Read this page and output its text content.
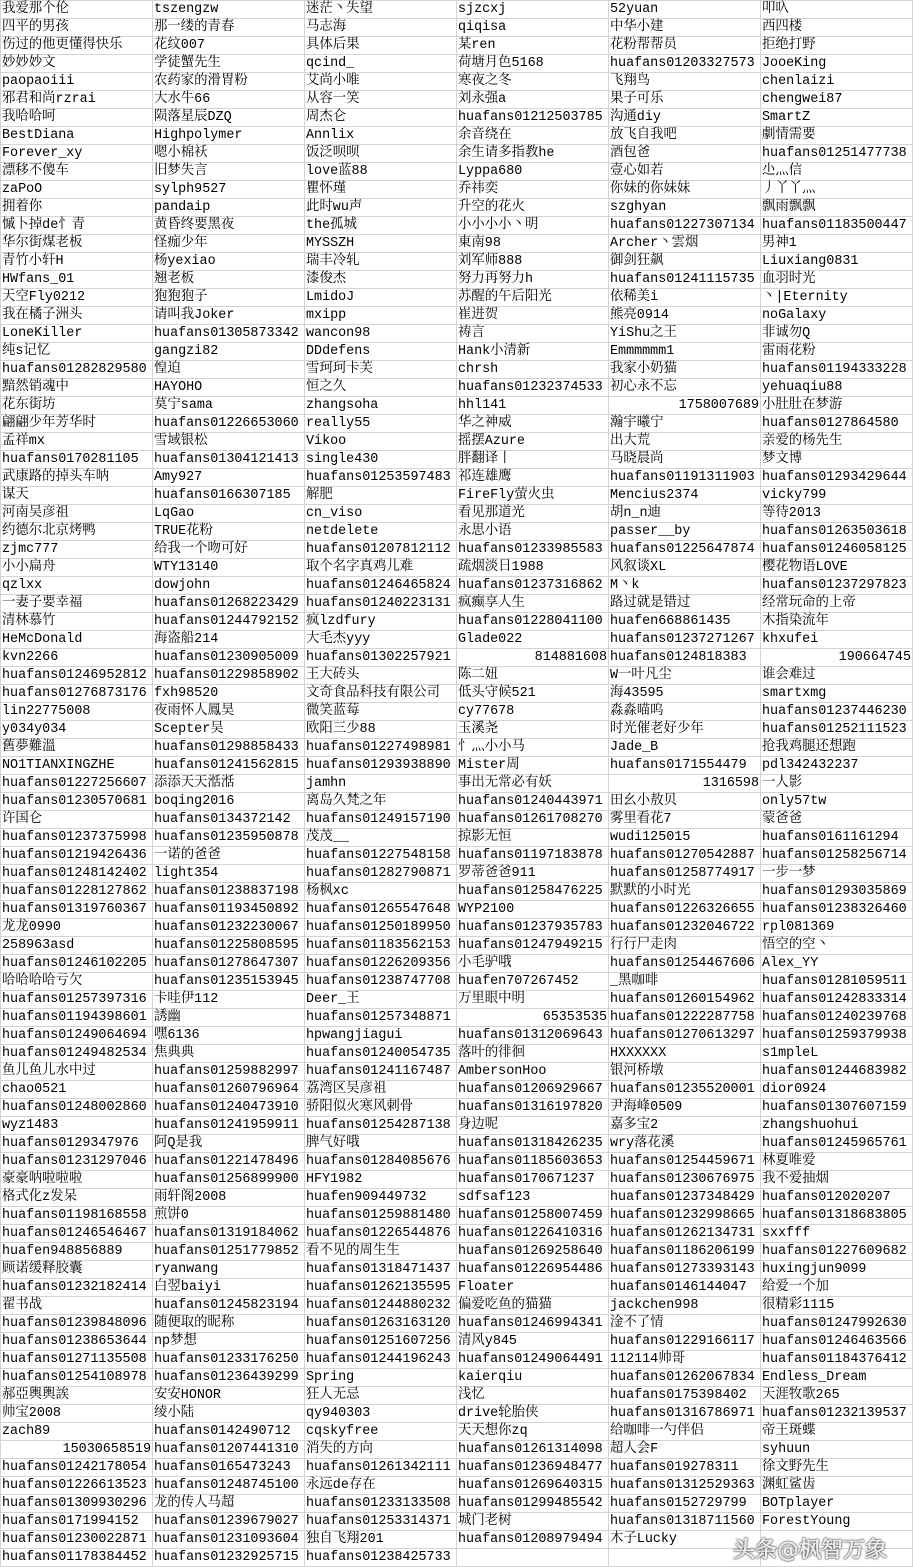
我爱那个伦	tszengzw	迷茫丶失望	sjzcxj	52yuan	叩叺
四平的男孩	那一缕的青春	马志海	qiqisa	中华小建	西四楼
伤过的他更懂得快乐	花纹007	具体后果	某ren	花粉帮帮员	拒绝打野
妙妙妙文	学徒蟹先生	qcind_	荷塘月色5168	huafans01203327573	JooeKing
paopaoiii	农药家的滑胃粉	艾尚小唯	寒夜之冬	飞翔鸟	chenlaizi
邪君和尚rzrai	大水牛66	从容一笑	刘永强a	果子可乐	chengwei87
我哈哈呵	陨落星辰DZQ	周杰仑	huafans01212503785	沟通diy	SmartZ
BestDiana	Highpolymer	Annlix	余音绕在	放飞自我吧	劇情需要
Forever_xy	嗯小棉袄	饭泛呗呗	余生请多指教he	酒包爸	huafans01251477738
漂移不傻车	旧梦失言	love蓝88	Lyppa680	壹心如若	尐灬信
zaPoO	sylph9527	瞿怀瑾	乔祎奕	你妹的你妹妹	丿丫丫灬
拥着你	pandaip	此时wu声	升空的花火	szghyan	飘雨飘飘
慽卜掉de忄青	黄昏终要黑夜	the孤城	小小小小丶明	huafans01227307134	huafans01183500447
华尔街煤老板	怪痂少年	MYSSZH	東南98	Archer丶雲烟	男神1
青竹小轩H	杨yexiao	瑞丰冷轧	刘军师888	御剑狂飙	Liuxiang0831
HWfans_01	翘老板	漆俊杰	努力再努力h	huafans01241115735	血羽时光
天空Fly0212	狍狍狍子	LmidoJ	苏醒的午后阳光	依稀美i	丶|Eternity
我在橘子洲头	请叫我Joker	mxipp	崔进贺	熊亮0914	noGalaxy
LoneKiller	huafans01305873342	wancon98	祷言	YiShu之王	非诚勿Q
纯s记忆	gangzi82	DDdefens	Hank小清新	Emmmmmm1	雷雨花粉
huafans01282829580	惶迫	雪珂珂卡芙	chrsh	我家小奶猫	huafans01194333228
黯然销魂中	HAYOHO	恒之久	huafans01232374533	初心永不忘	yehuaqiu88
花东街坊	莫宁sama	zhangsoha	hhl141	1758007689	小肚肚在梦游
翩翩少年芳华时	huafans01226653060	really55	华之神威	瀚宇曦宁	huafans0127864580
孟祥mx	雪域银松	Vikoo	摇摆Azure	出大荒	亲爱的杨先生
huafans0170281105	huafans01304121413	single430	胖翻译丨	马晓晨尚	梦文博
武康路的掉头车呐	Amy927	huafans01253597483	祁连雄鹰	huafans01191311903	huafans01293429644
谋天	huafans0166307185	解肥	FireFly萤火虫	Mencius2374	vicky799
河南吴彦祖	LqGao	cn_viso	看见那道光	胡n_n迪	等待2013
约德尔北京烤鸭	TRUE花粉	netdelete	永思小语	passer__by	huafans01263503618
zjmc777	给我一个吻可好	huafans01207812112	huafans01233985583	huafans01225647874	huafans01246058125
小小扁舟	WTY13140	取个名字真鸡儿难	疏烟淡日1988	风叙谈XL	樱花物语LOVE
qzlxx	dowjohn	huafans01246465824	huafans01237316862	M丶k	huafans01237297823
一妻子要幸福	huafans01268223429	huafans01240223131	疯癫享人生	路过就是错过	经常玩命的上帝
清林慕竹	huafans01244792152	疯lzdfury	huafans01228041100	huafen668861435	木指染流年
HeMcDonald	海盗船214	大毛杰yyy	Glade022	huafans01237271267	khxufei
kvn2266	huafans01230905009	huafans01302257921	814881608	huafans0124818383	190664745
huafans01246952812	huafans01229858902	王大砖头	陈二妞	W一叶凡尘	谁会难过
huafans01276873176	fxh98520	文奇食品科技有限公司	低头守候521	海43595	smartxmg
lin22775008	夜雨怀人鳳昊	微笑蓝莓	cy77678	淼淼喵呜	huafans01237446230
y034y034	Scepter吴	欧阳三少88	玉溪尧	时光催老好少年	huafans01252111523
舊夢難溫	huafans01298858433	huafans01227498981	忄灬小小马	Jade_B	抢我鸡腿还想跑
NO1TIANXINGZHE	huafans01241562815	huafans01293938890	Mister周	huafans0171554479	pdl342432237
huafans01227256607	添添天天湉湉	jamhn	事出无常必有妖	1316598	一人影
huafans01230570681	boqing2016	离岛久梵之年	huafans01240443971	田幺小敖贝	only57tw
许国仑	huafans0134372142	huafans01249157190	huafans01261708270	雾里看花7	蒙爸爸
huafans01237375998	huafans01235950878	茂茂__	掠影无恒	wudi125015	huafans0161161294
huafans01219426436	一诺的爸爸	huafans01227548158	huafans01197183878	huafans01270542887	huafans01258256714
huafans01248142402	light354	huafans01282790871	罗蒂爸爸911	huafans01258774917	一步一梦
huafans01228127862	huafans01238837198	杨枫xc	huafans01258476225	默默的小时光	huafans01293035869
huafans01319760367	huafans01193450892	huafans01265547648	WYP2100	huafans01226326655	huafans01238326460
龙龙0990	huafans01232230067	huafans01250189950	huafans01237935783	huafans01232046722	rpl081369
258963asd	huafans01225808595	huafans01183562153	huafans01247949215	行行尸走肉	悟空的空丶
huafans01246102205	huafans01278647307	huafans01226209356	小毛驴哦	huafans01254467606	Alex_YY
哈哈哈哈亏欠	huafans01235153945	huafans01238747708	huafen707267452	_黑咖啡	huafans01281059511
huafans01257397316	卡哇伊112	Deer_王	万里眼中明	huafans01260154962	huafans01242833314
huafans01194398601	誘幽	huafans01257348871	65353535	huafans01222287758	huafans01240239768
huafans01249064694	嘿6136	hpwangjiagui	huafans01312069643	huafans01270613297	huafans01259379938
huafans01249482534	焦典典	huafans01240054735	落叶的徘徊	HXXXXXX	s1mpleL
鱼儿鱼儿水中过	huafans01259882997	huafans01241167487	AmbersonHoo	银河桥墩	huafans01244683982
chao0521	huafans01260796964	荔湾区吴彦祖	huafans01206929667	huafans01235520001	dior0924
huafans01248002860	huafans01240473910	骄阳似火寒风刺骨	huafans01316197820	尹海峰0509	huafans01307607159
wyz1483	huafans01241959911	huafans01254287138	身边呢	嘉多宝2	zhangshuohui
huafans0129347976	阿Q是我	脾气好哦	huafans01318426235	wry落花溪	huafans01245965761
huafans01231297046	huafans01221478496	huafans01284085676	huafans01185603653	huafans01254459671	林夏唯爱
豪豪呐啦啦啦	huafans01256899900	HFY1982	huafans0170671237	huafans01230676975	我不爱抽烟
格式化z发呆	雨轩阁2008	huafen909449732	sdfsaf123	huafans01237348429	huafans012020207
huafans01198168558	煎饼0	huafans01259881480	huafans01258007459	huafans01232998665	huafans01318683805
huafans01246546467	huafans01319184062	huafans01226544876	huafans01226410316	huafans01262134731	sxxfff
huafen948856889	huafans01251779852	看不见的周生生	huafans01269258640	huafans01186206199	huafans01227609682
顾诺缓释胶囊	ryanwang	huafans01318471437	huafans01226954486	huafans01273393143	huxingjun9099
huafans01232182414	白翌baiyi	huafans01262135595	Floater	huafans0146144047	给爱一个加
翟书战	huafans01245823194	huafans01244880232	偏爱吃鱼的猫猫	jackchen998	很精彩1115
huafans01239848096	随便取的昵称	huafans01263163120	huafans01246994341	淦不了情	huafans01247992630
huafans01238653644	np梦想	huafans01251607256	清风y845	huafans01229166117	huafans01246463566
huafans01271135508	huafans01233176250	huafans01244196243	huafans01249064491	112114帅哥	huafans01184376412
huafans01254108978	huafans01236439299	Spring	kaierqiu	huafans01262067834	Endless_Dream
郝亞輿輿誒	安安HONOR	狂人无忌	浅忆	huafans0175398402	天涯牧歌265
帅宝2008	绫小陆	qy940303	drive轮胎侠	huafans01316786971	huafans01232139537
zach89	huafans0142490712	cqskyfree	天天想你zq	给咖啡一勺伴侣	帝王斑蝶
15030658519	huafans01207441310	消失的方向	huafans01261314098	超人会F	syhuun
huafans01242178054	huafans0165473243	huafans01261342111	huafans01236948477	huafans019278311	徐文野先生
huafans01226613523	huafans01248745100	永远de存在	huafans01269640315	huafans01312529363	渊虹鲨齿
huafans01309930296	龙的传人马超	huafans01233133508	huafans01299485542	huafans0152729799	BOTplayer
huafans0171994152	huafans01239679027	huafans01253314371	城门老树	huafans01318711560	ForestYoung
huafans01230022871	huafans01231093604	独自飞翔201	huafans01208979494	木子Lucky	
huafans01178384452	huafans01232925715	huafans01238425733				头条@枫智万象
